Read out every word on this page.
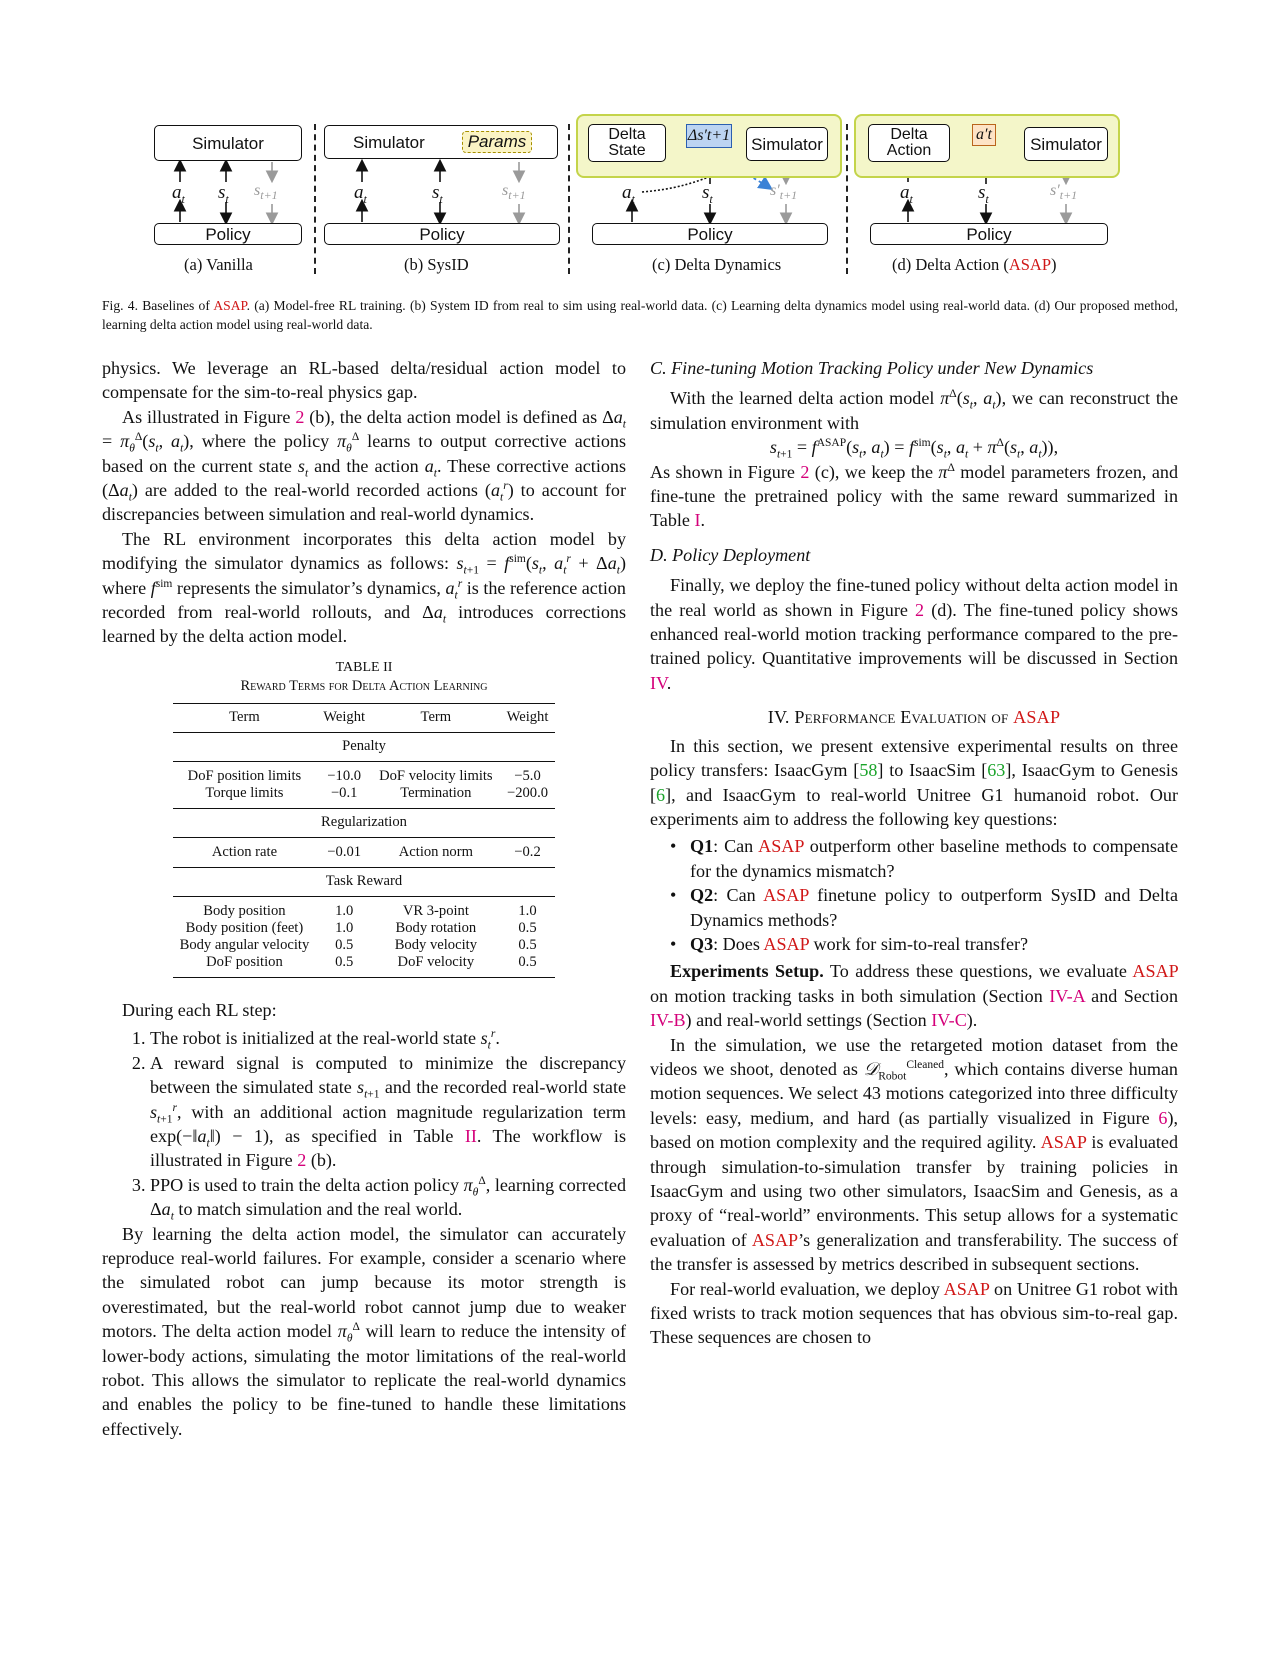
Simulator
Policy
$a_t$ $s_t$ $s_{t+1}$
(a) Vanilla
Simulator	Params
Policy
$a_t$	$s_t$	$s_{t+1}$
(b) SysID
Delta State
Δs′t+1 Simulator
Policy
$a_t$	$s_t$	$s'_{t+1}$
(c) Delta Dynamics
Delta Action
a′t	Simulator
Policy
$a_t$	$s_t$	$s'_{t+1}$
(d) Delta Action (ASAP)
Fig. 4. Baselines of ASAP. (a) Model-free RL training. (b) System ID from real to sim using real-world data. (c) Learning delta dynamics model using real-world data. (d) Our proposed method, learning delta action model using real-world data.

physics. We leverage an RL-based delta/residual action model to compensate for the sim-to-real physics gap.

As illustrated in Figure 2 (b), the delta action model is defined as $\Delta a_t = \pi_\theta^\Delta(s_t$, $a_t$), where the policy $\pi_\theta^\Delta$ learns to output corrective actions based on the current state $s_t$ and the action $a_t$. These corrective actions $(\Delta a_t)$ are added to the real-world recorded actions $(a_t^r)$ to account for discrepancies between simulation and real-world dynamics.

The RL environment incorporates this delta action model by modifying the simulator dynamics as follows: $s_{t+1} = f^{sim}(s_t$, $a_t^r + \Delta a_t$) where $f^{sim}$ represents the simulator’s dynamics, $a_t^r$ is the reference action recorded from real-world rollouts, and $\Delta a_t$ introduces corrections learned by the delta action model.

TABLE II
Reward Terms for Delta Action Learning
Term	Weight	Term	Weight
Penalty			
DoF position limits	−10.0	DoF velocity limits	−5.0
Torque limits	−0.1	Termination	−200.0
Regularization			
Action rate	−0.01	Action norm	−0.2
Task Reward			
Body position	1.0	VR 3-point	1.0
Body position (feet)	1.0	Body rotation	0.5
Body angular velocity	0.5	Body velocity	0.5
DoF position	0.5	DoF velocity	0.5

During each RL step:

1. The robot is initialized at the real-world state $s_t^r$.
2. A reward signal is computed to minimize the discrepancy between the simulated state $s_{t+1}$ and the recorded real-world state $s_{t+1}^r$, with an additional action magnitude regularization term $\exp(-‖a_t‖) - 1$), as specified in Table II. The workflow is illustrated in Figure 2 (b).
3. PPO is used to train the delta action policy $\pi_\theta^\Delta$, learning corrected $\Delta a_t$ to match simulation and the real world.

By learning the delta action model, the simulator can accurately reproduce real-world failures. For example, consider a scenario where the simulated robot can jump because its motor strength is overestimated, but the real-world robot cannot jump due to weaker motors. The delta action model $\pi_\theta^\Delta$ will learn to reduce the intensity of lower-body actions, simulating the motor limitations of the real-world robot. This allows the simulator to replicate the real-world dynamics and enables the policy to be fine-tuned to handle these limitations effectively.

C. Fine-tuning Motion Tracking Policy under New Dynamics

With the learned delta action model $\pi^\Delta(s_t$, $a_t$), we can reconstruct the simulation environment with

$s_{t+1} = f^{ASAP}(s_t$, $a_t) = f^{sim}(s_t$, $a_t + \pi^\Delta(s_t$, $a_t$)),

As shown in Figure 2 (c), we keep the $\pi^\Delta$ model parameters frozen, and fine-tune the pretrained policy with the same reward summarized in Table I.

D. Policy Deployment

Finally, we deploy the fine-tuned policy without delta action model in the real world as shown in Figure 2 (d). The fine-tuned policy shows enhanced real-world motion tracking performance compared to the pre-trained policy. Quantitative improvements will be discussed in Section IV.

IV. Performance Evaluation of ASAP

In this section, we present extensive experimental results on three policy transfers: IsaacGym [58] to IsaacSim [63], IsaacGym to Genesis [6], and IsaacGym to real-world Unitree G1 humanoid robot. Our experiments aim to address the following key questions:

• Q1: Can ASAP outperform other baseline methods to compensate for the dynamics mismatch?
• Q2: Can ASAP finetune policy to outperform SysID and Delta Dynamics methods?
• Q3: Does ASAP work for sim-to-real transfer?

Experiments Setup. To address these questions, we evaluate ASAP on motion tracking tasks in both simulation (Section IV-A and Section IV-B) and real-world settings (Section IV-C).

In the simulation, we use the retargeted motion dataset from the videos we shoot, denoted as 𝒟$_{Robot}^{Cleaned}$, which contains diverse human motion sequences. We select 43 motions categorized into three difficulty levels: easy, medium, and hard (as partially visualized in Figure 6), based on motion complexity and the required agility. ASAP is evaluated through simulation-to-simulation transfer by training policies in IsaacGym and using two other simulators, IsaacSim and Genesis, as a proxy of “real-world” environments. This setup allows for a systematic evaluation of ASAP’s generalization and transferability. The success of the transfer is assessed by metrics described in subsequent sections.

For real-world evaluation, we deploy ASAP on Unitree G1 robot with fixed wrists to track motion sequences that has obvious sim-to-real gap. These sequences are chosen to
